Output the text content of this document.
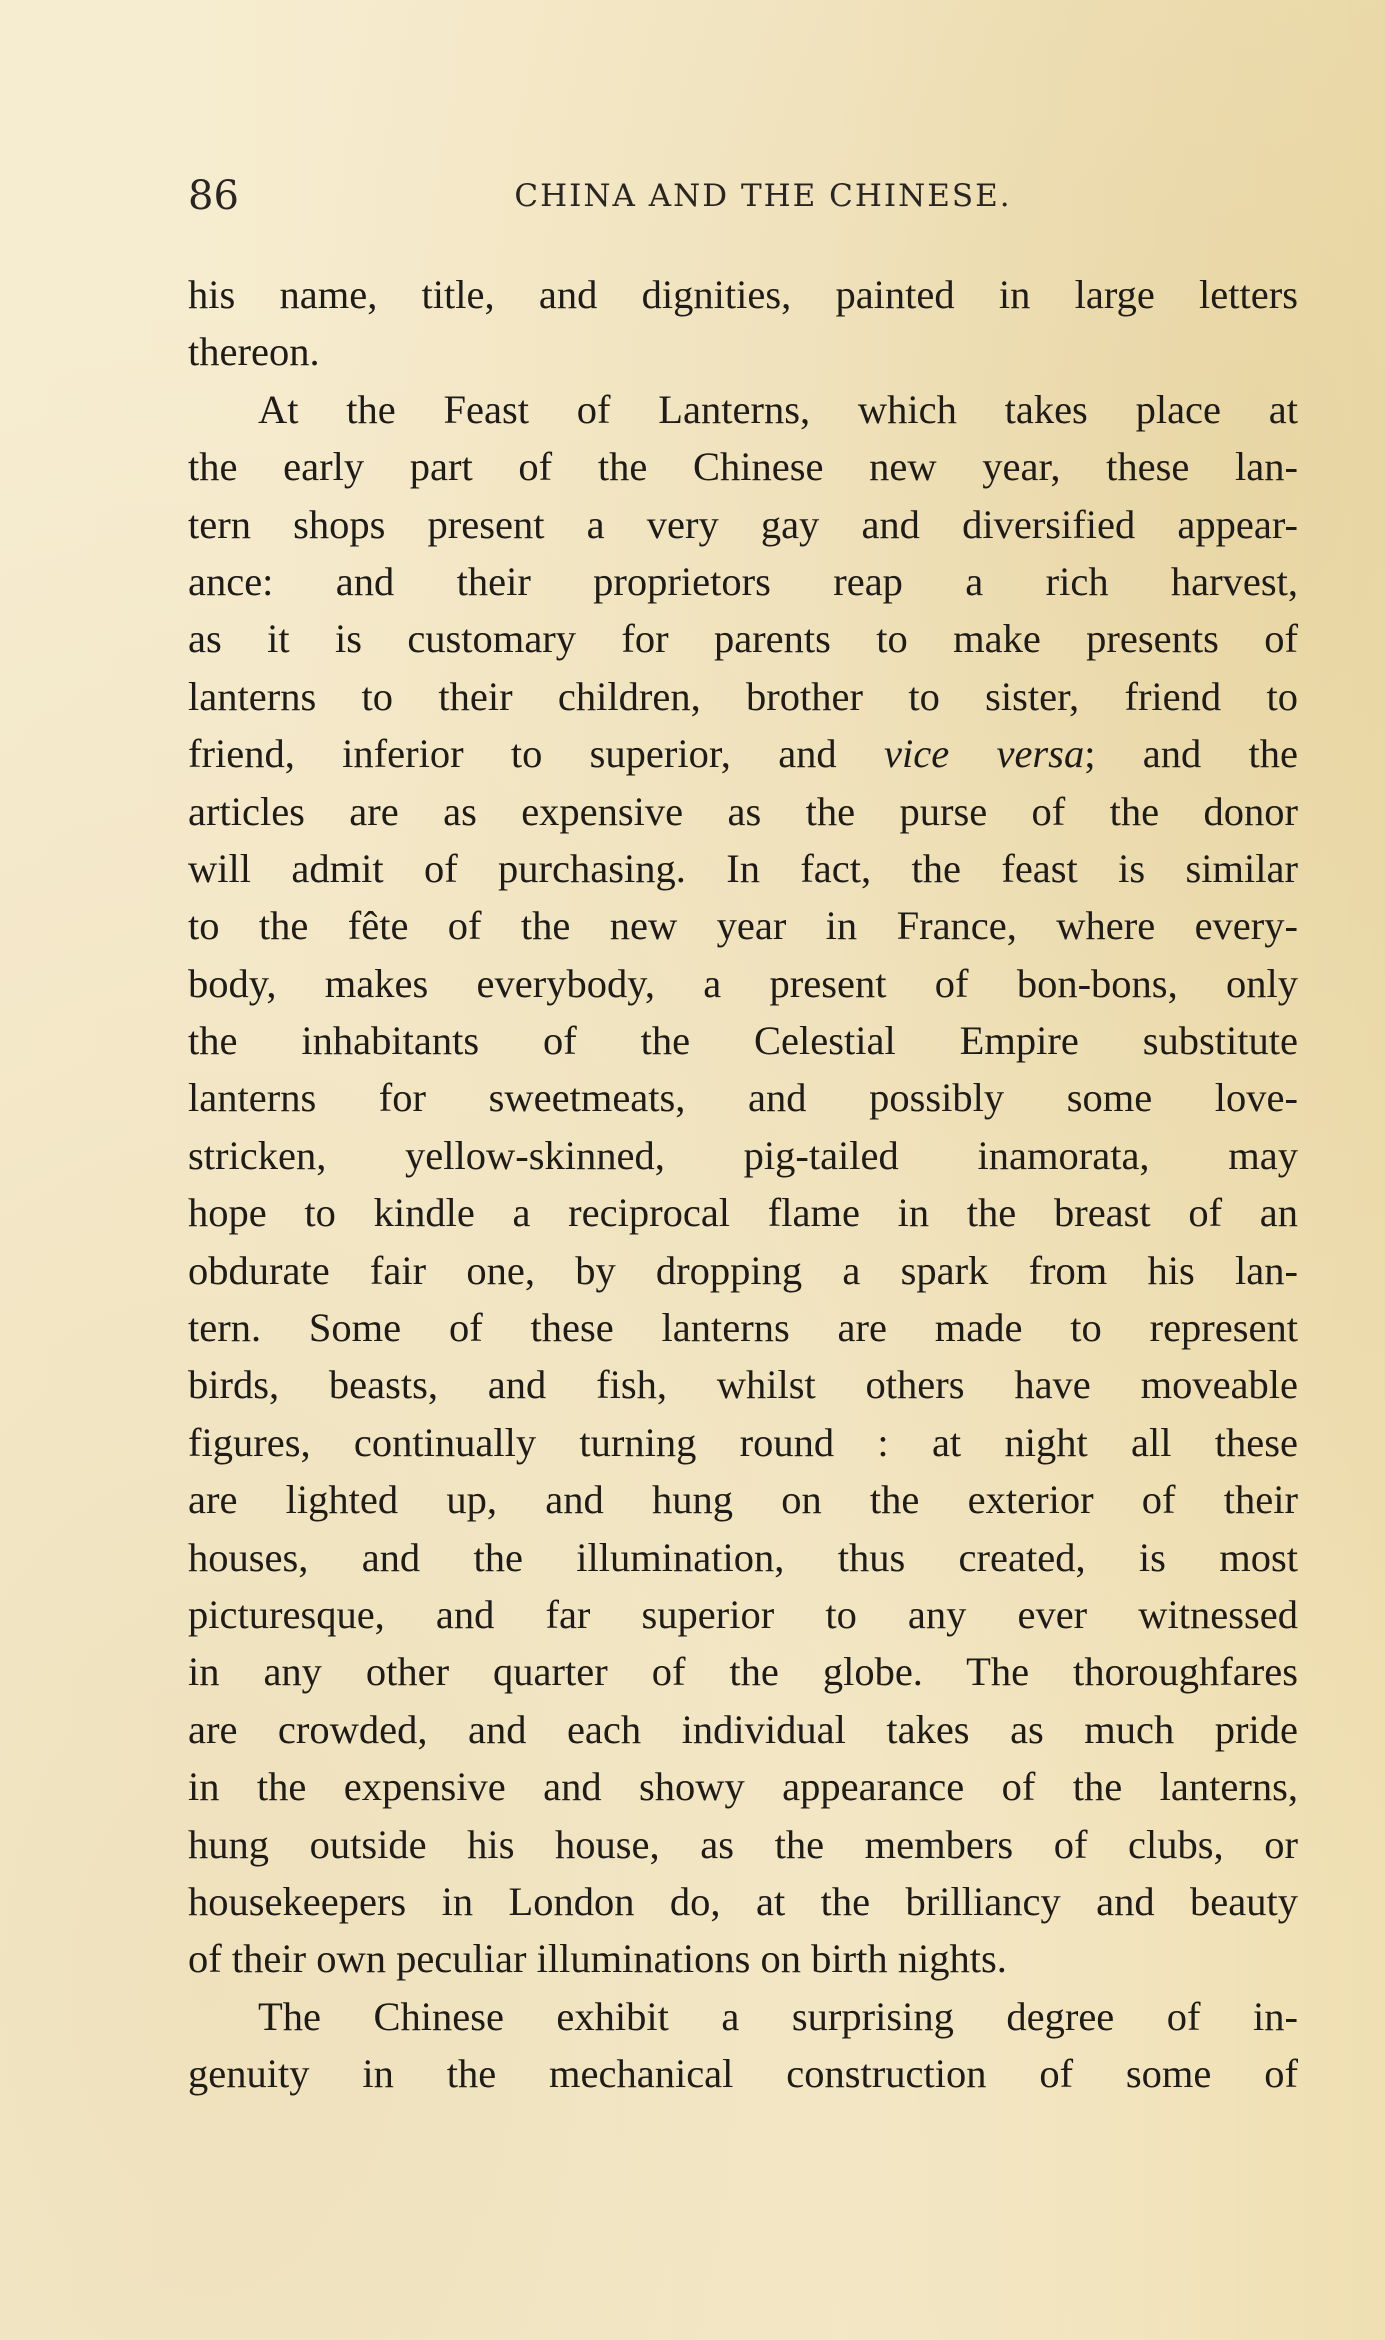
86	CHINA AND THE CHINESE.
his name, title, and dignities, painted in large letters
thereon.
At the Feast of Lanterns, which takes place at
the early part of the Chinese new year, these lan-
tern shops present a very gay and diversified appear-
ance: and their proprietors reap a rich harvest,
as it is customary for parents to make presents of
lanterns to their children, brother to sister, friend to
friend, inferior to superior, and vice versa; and the
articles are as expensive as the purse of the donor
will admit of purchasing. In fact, the feast is similar
to the fête of the new year in France, where every-
body, makes everybody, a present of bon-bons, only
the inhabitants of the Celestial Empire substitute
lanterns for sweetmeats, and possibly some love-
stricken, yellow-skinned, pig-tailed inamorata, may
hope to kindle a reciprocal flame in the breast of an
obdurate fair one, by dropping a spark from his lan-
tern. Some of these lanterns are made to represent
birds, beasts, and fish, whilst others have moveable
figures, continually turning round : at night all these
are lighted up, and hung on the exterior of their
houses, and the illumination, thus created, is most
picturesque, and far superior to any ever witnessed
in any other quarter of the globe. The thoroughfares
are crowded, and each individual takes as much pride
in the expensive and showy appearance of the lanterns,
hung outside his house, as the members of clubs, or
housekeepers in London do, at the brilliancy and beauty
of their own peculiar illuminations on birth nights.
The Chinese exhibit a surprising degree of in-
genuity in the mechanical construction of some of
